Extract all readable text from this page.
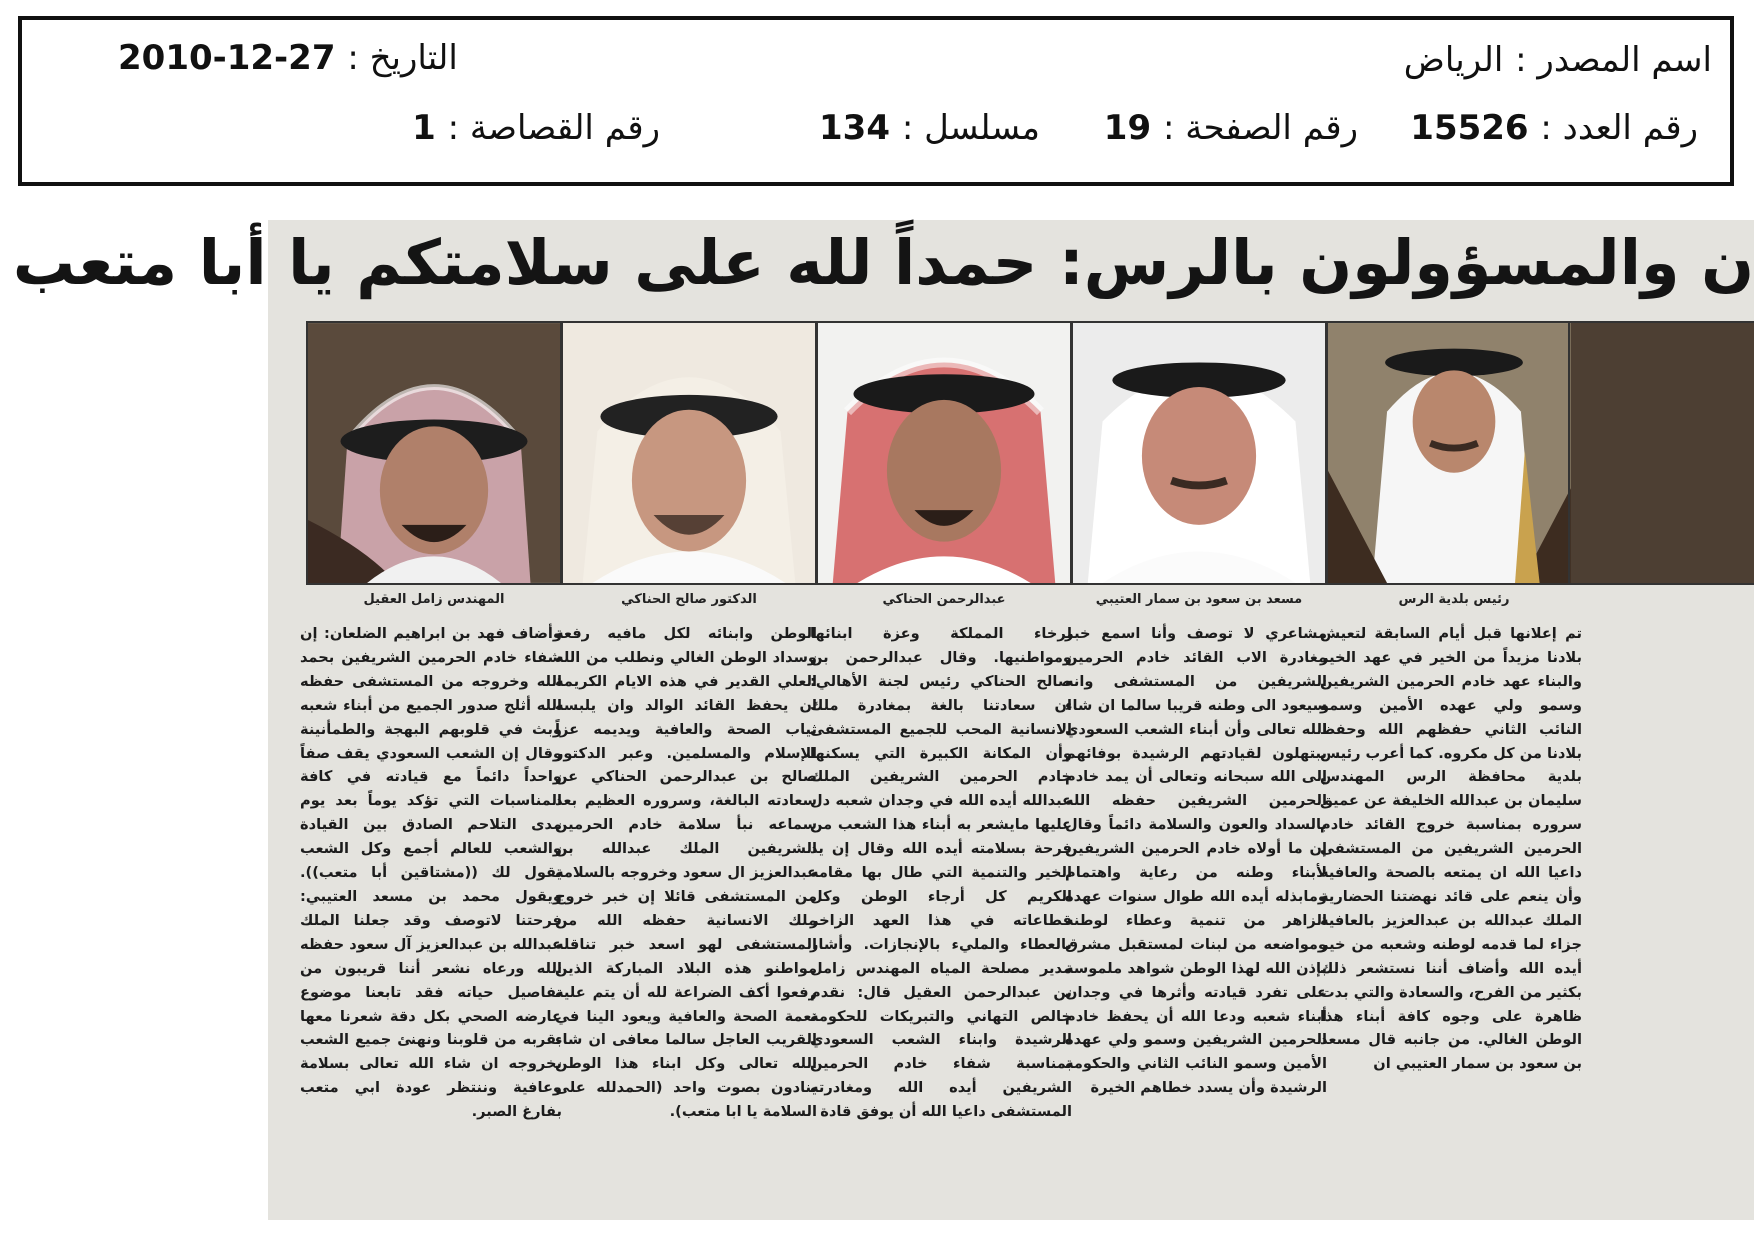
اسم المصدر : الرياض
التاريخ : 2010-12-27
رقم العدد : 15526
رقم الصفحة : 19
مسلسل : 134
رقم القصاصة : 1
ن والمسؤولون بالرس: حمداً لله على سلامتكم يا أبا متعب
المهندس زامل العقيل	الدكتور صالح الحناكي	عبدالرحمن الحناكي	مسعد بن سعود بن سمار العتيبي	رئيس بلدية الرس

تم إعلانها قبل أيام السابقة لتعيش بلادنا مزيداً من الخير في عهد الخير والبناء عهد خادم الحرمين الشريفين وسمو ولي عهده الأمين وسمو النائب الثاني حفظهم الله وحفظ بلادنا من كل مكروه. كما أعرب رئيس بلدية محافظة الرس المهندس سليمان بن عبدالله الخليفة عن عميق سروره بمناسبة خروج القائد خادم الحرمين الشريفين من المستشفى داعيا الله ان يمتعه بالصحة والعافية وأن ينعم على قائد نهضتنا الحضارية الملك عبدالله بن عبدالعزيز بالعافية جزاء لما قدمه لوطنه وشعبه من خير أيده الله وأضاف أننا نستشعر ذلك بكثير من الفرح، والسعادة والتي بدت ظاهرة على وجوه كافة أبناء هذا الوطن الغالي. من جانبه قال مسعد بن سعود بن سمار العتيبي ان

مشاعري لا توصف وأنا اسمع خبر مغادرة الاب القائد خادم الحرمين الشريفين من المستشفى وانه سيعود الى وطنه قريبا سالما ان شاء الله تعالى وأن أبناء الشعب السعودي يبتهلون لقيادتهم الرشيدة بوفائهم إلى الله سبحانه وتعالى أن يمد خادم الحرمين الشريفين حفظه الله بالسداد والعون والسلامة دائماً وقال إن ما أولاه خادم الحرمين الشريفين لأبناء وطنه من رعاية واهتمام ومابذله أيده الله طوال سنوات عهده الزاهر من تنمية وعطاء لوطنه ومواضعه من لبنات لمستقبل مشرق بإذن الله لهذا الوطن شواهد ملموسة على تفرد قيادته وأثرها في وجدان أبناء شعبه ودعا الله أن يحفظ خادم الحرمين الشريفين وسمو ولي عهده الأمين وسمو النائب الثاني والحكومة الرشيدة وأن يسدد خطاهم الخيرة

لرخاء المملكة وعزة ابنائها ومواطنيها. وقال عبدالرحمن بن صالح الحناكي رئيس لجنة الأهالي: ان سعادتنا بالغة بمغادرة ملك الانسانية المحب للجميع المستشفى وأن المكانة الكبيرة التي يسكنها خادم الحرمين الشريفين الملك عبدالله أيده الله في وجدان شعبه دل عليها مايشعر به أبناء هذا الشعب من فرحة بسلامته أيده الله وقال إن يد الخير والتنمية التي طال بها مقامه الكريم كل أرجاء الوطن وكل قطاعاته في هذا العهد الزاخر بالعطاء والمليء بالإنجازات. وأشار مدير مصلحة المياه المهندس زامل بن عبدالرحمن العقيل قال: نقدم خالص التهاني والتبريكات للحكومة الرشيدة وابناء الشعب السعودي بمناسبة شفاء خادم الحرمين الشريفين أيده الله ومغادرته المستشفى داعيا الله أن يوفق قادة

الوطن وابنائه لكل مافيه رفعة وسداد الوطن الغالي ونطلب من الله العلي القدير في هذه الايام الكريمة ان يحفظ القائد الوالد وان يلبسه ثياب الصحة والعافية ويديمه عزاً للإسلام والمسلمين. وعبر الدكتور صالح بن عبدالرحمن الحناكي عن سعادته البالغة، وسروره العظيم بعد سماعه نبأ سلامة خادم الحرمين الشريفين الملك عبدالله بن عبدالعزيز ال سعود وخروجه بالسلامة من المستشفى قائلا إن خبر خروج ملك الانسانية حفظه الله من المستشفى لهو اسعد خبر تناقله مواطنو هذه البلاد المباركة الذين رفعوا أكف الضراعة لله أن يتم عليه نعمة الصحة والعافية ويعود الينا في القريب العاجل سالما معافى ان شاء الله تعالى وكل ابناء هذا الوطن ينادون بصوت واحد (الحمدلله على السلامة يا ابا متعب).

وأضاف فهد بن ابراهيم الضلعان: إن شفاء خادم الحرمين الشريفين بحمد الله وخروجه من المستشفى حفظه الله أثلج صدور الجميع من أبناء شعبه وبث في قلوبهم البهجة والطمأنينة وقال إن الشعب السعودي يقف صفاً واحداً دائماً مع قيادته في كافة المناسبات التي تؤكد يوماً بعد يوم مدى التلاحم الصادق بين القيادة والشعب للعالم أجمع وكل الشعب يقول لك ((مشتاقين أبا متعب)). ويقول محمد بن مسعد العتيبي: فرحتنا لاتوصف وقد جعلنا الملك عبدالله بن عبدالعزيز آل سعود حفظه الله ورعاه نشعر أننا قريبون من تفاصيل حياته فقد تابعنا موضوع عارضه الصحي بكل دقة شعرنا معها بقربه من قلوبنا ونهنئ جميع الشعب بخروجه ان شاء الله تعالى بسلامة وعافية وننتظر عودة ابي متعب بفارغ الصبر.
